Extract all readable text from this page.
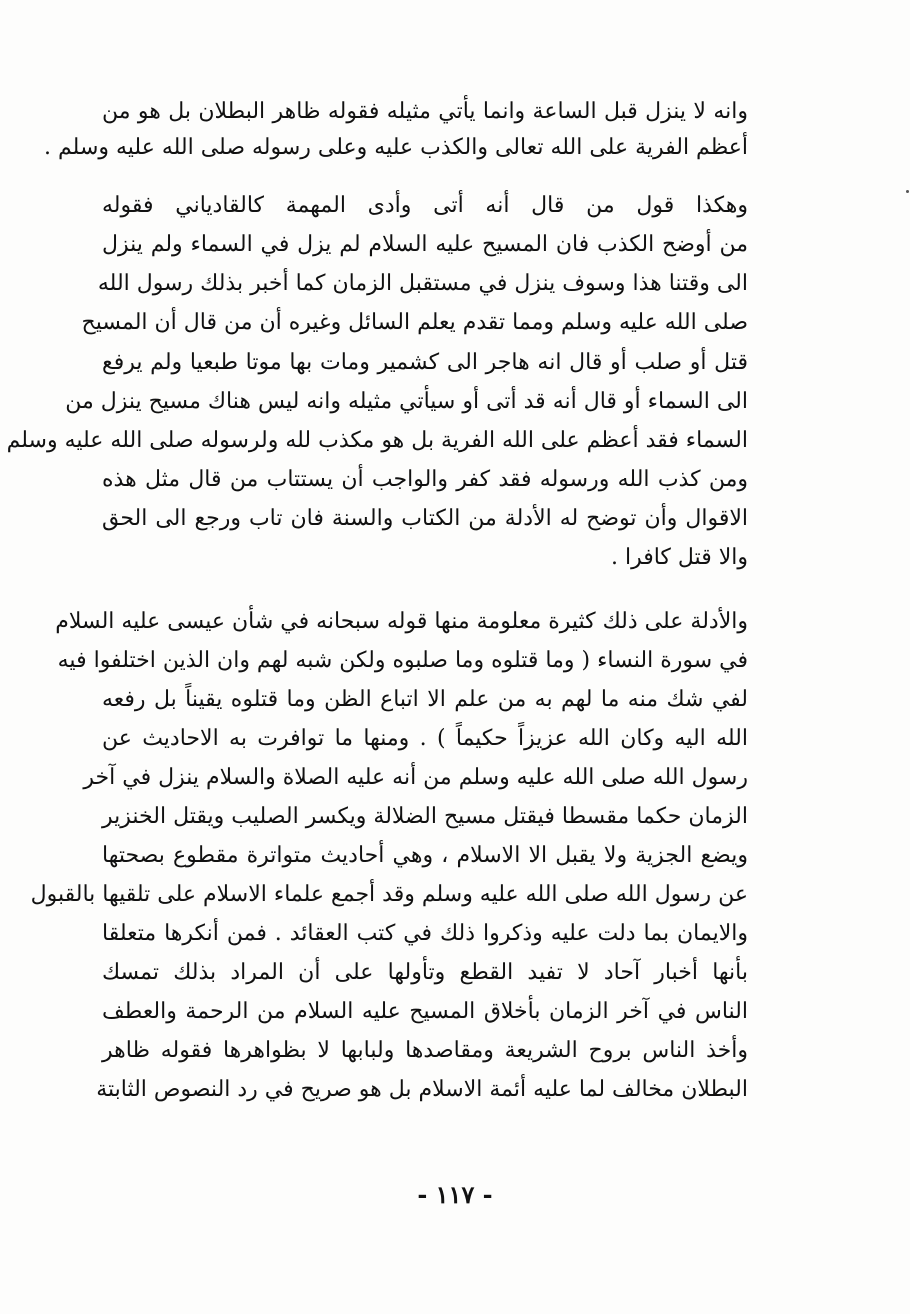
وانه لا ينزل قبل الساعة وانما يأتي مثيله فقوله ظاهر البطلان بل هو من
أعظم الفرية على الله تعالى والكذب عليه وعلى رسوله صلى الله عليه وسلم .
وهكذا قول من قال أنه أتى وأدى المهمة كالقادياني فقوله
من أوضح الكذب فان المسيح عليه السلام لم يزل في السماء ولم ينزل
الى وقتنا هذا وسوف ينزل في مستقبل الزمان كما أخبر بذلك رسول الله
صلى الله عليه وسلم ومما تقدم يعلم السائل وغيره أن من قال أن المسيح
قتل أو صلب أو قال انه هاجر الى كشمير ومات بها موتا طبعيا ولم يرفع
الى السماء أو قال أنه قد أتى أو سيأتي مثيله وانه ليس هناك مسيح ينزل من
السماء فقد أعظم على الله الفرية بل هو مكذب لله ولرسوله صلى الله عليه وسلم
ومن كذب الله ورسوله فقد كفر والواجب أن يستتاب من قال مثل هذه
الاقوال وأن توضح له الأدلة من الكتاب والسنة فان تاب ورجع الى الحق
والا قتل كافرا .
والأدلة على ذلك كثيرة معلومة منها قوله سبحانه في شأن عيسى عليه السلام
في سورة النساء ( وما قتلوه وما صلبوه ولكن شبه لهم وان الذين اختلفوا فيه
لفي شك منه ما لهم به من علم الا اتباع الظن وما قتلوه يقيناً بل رفعه
الله اليه وكان الله عزيزاً حكيماً ) . ومنها ما توافرت به الاحاديث عن
رسول الله صلى الله عليه وسلم من أنه عليه الصلاة والسلام ينزل في آخر
الزمان حكما مقسطا فيقتل مسيح الضلالة ويكسر الصليب ويقتل الخنزير
ويضع الجزية ولا يقبل الا الاسلام ، وهي أحاديث متواترة مقطوع بصحتها
عن رسول الله صلى الله عليه وسلم وقد أجمع علماء الاسلام على تلقيها بالقبول
والايمان بما دلت عليه وذكروا ذلك في كتب العقائد . فمن أنكرها متعلقا
بأنها أخبار آحاد لا تفيد القطع وتأولها على أن المراد بذلك تمسك
الناس في آخر الزمان بأخلاق المسيح عليه السلام من الرحمة والعطف
وأخذ الناس بروح الشريعة ومقاصدها ولبابها لا بظواهرها فقوله ظاهر
البطلان مخالف لما عليه أئمة الاسلام بل هو صريح في رد النصوص الثابتة
- ١١٧ -
